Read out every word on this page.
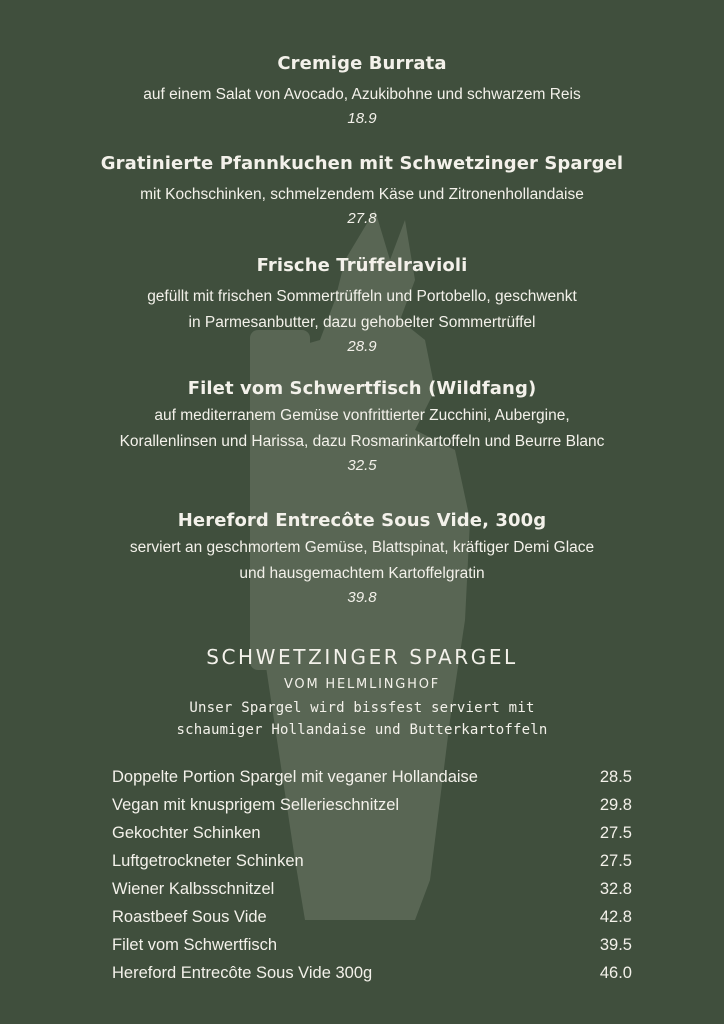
Cremige Burrata
auf einem Salat von Avocado, Azukibohne und schwarzem Reis
18.9
Gratinierte Pfannkuchen mit Schwetzinger Spargel
mit Kochschinken, schmelzendem Käse und Zitronenhollandaise
27.8
Frische Trüffelravioli
gefüllt mit frischen Sommertrüffeln und Portobello, geschwenkt
in Parmesanbutter, dazu gehobelter Sommertrüffel
28.9
Filet vom Schwertfisch (Wildfang)
auf mediterranem Gemüse vonfrittierter Zucchini, Aubergine,
Korallenlinsen und Harissa, dazu Rosmarinkartoffeln und Beurre Blanc
32.5
Hereford Entrecôte Sous Vide, 300g
serviert an geschmortem Gemüse, Blattspinat, kräftiger Demi Glace
und hausgemachtem Kartoffelgratin
39.8
SCHWETZINGER SPARGEL
VOM HELMLINGHOF
Unser Spargel wird bissfest serviert mit
schaumiger Hollandaise und Butterkartoffeln
Doppelte Portion Spargel mit veganer Hollandaise	28.5
Vegan mit knusprigem Sellerieschnitzel	29.8
Gekochter Schinken	27.5
Luftgetrockneter Schinken	27.5
Wiener Kalbsschnitzel	32.8
Roastbeef Sous Vide	42.8
Filet vom Schwertfisch	39.5
Hereford Entrecôte Sous Vide 300g	46.0
